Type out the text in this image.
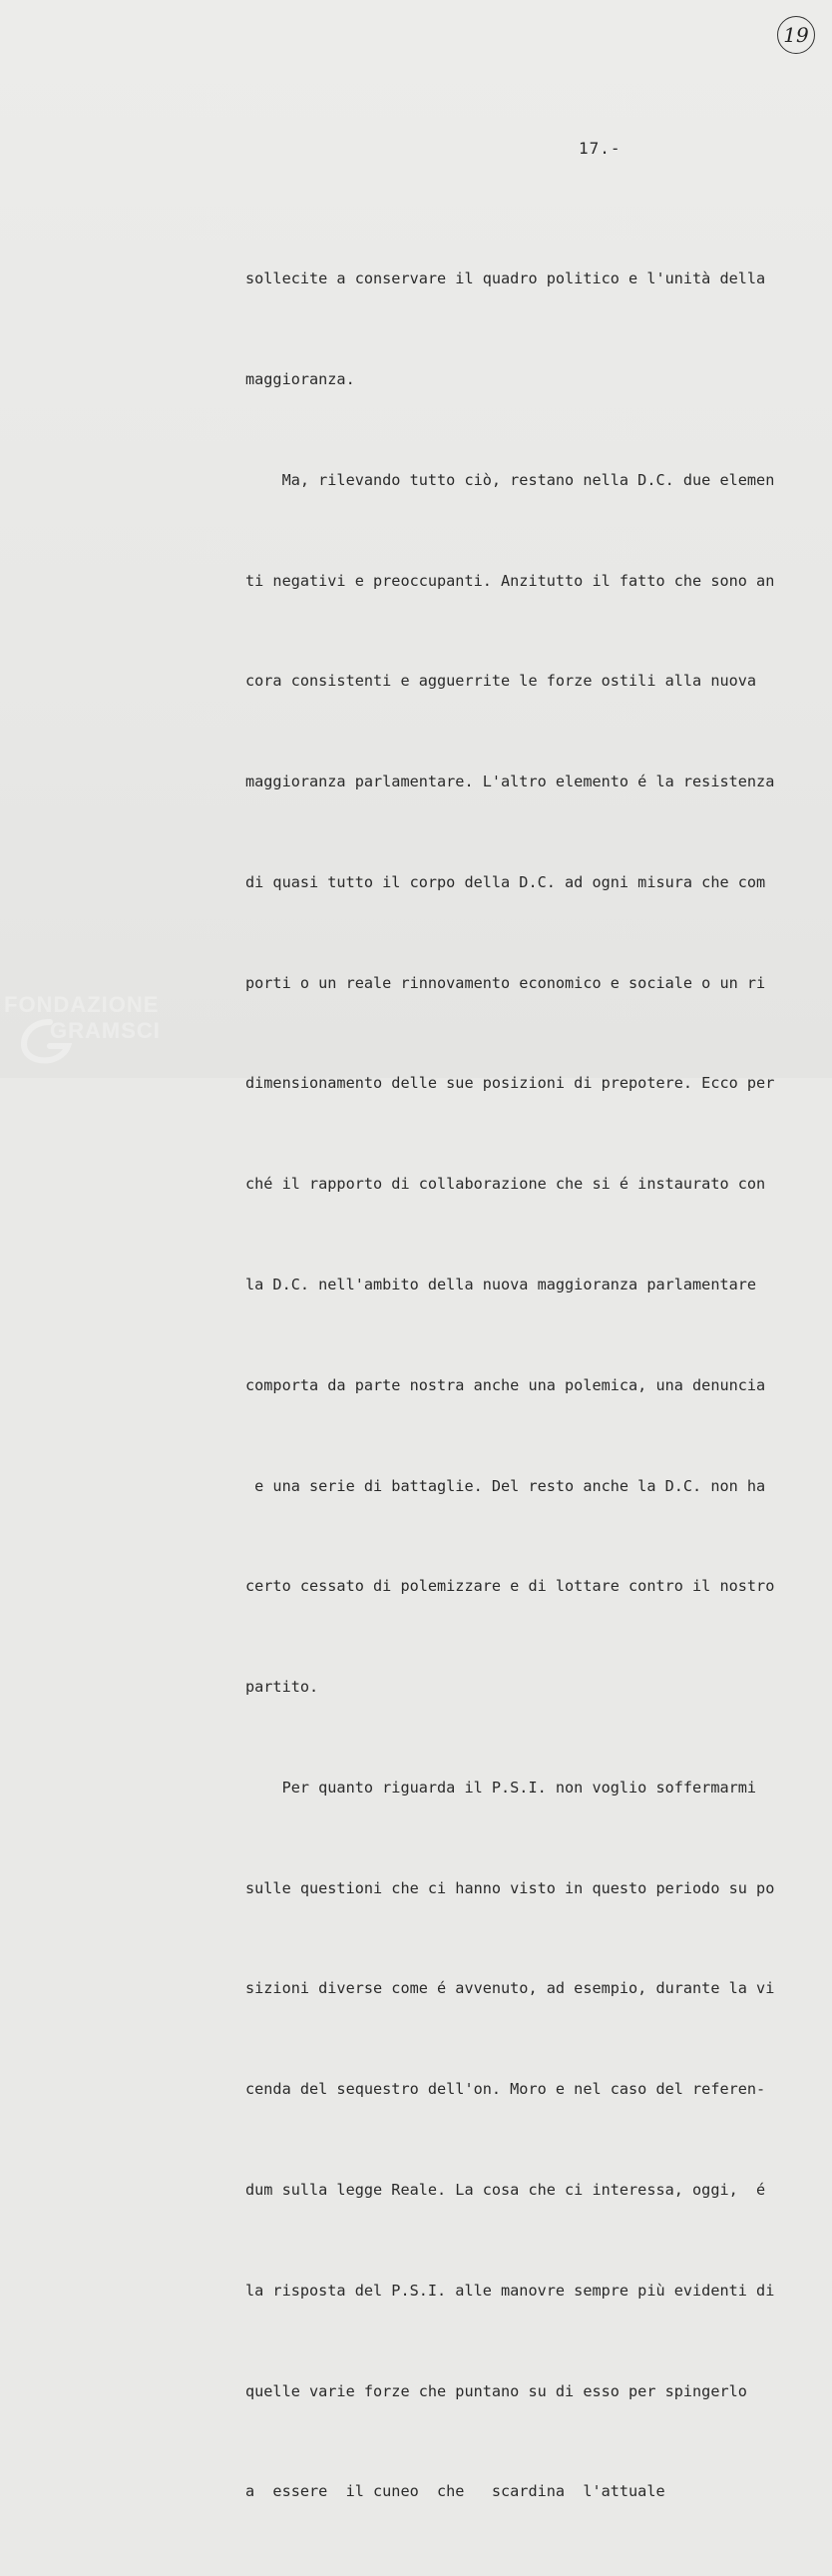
19
17.-

sollecite a conservare il quadro politico e l'unità della

maggioranza.

Ma, rilevando tutto ciò, restano nella D.C. due elemen

ti negativi e preoccupanti. Anzitutto il fatto che sono an

cora consistenti e agguerrite le forze ostili alla nuova

maggioranza parlamentare. L'altro elemento é la resistenza

di quasi tutto il corpo della D.C. ad ogni misura che com

porti o un reale rinnovamento economico e sociale o un ri

dimensionamento delle sue posizioni di prepotere. Ecco per

ché il rapporto di collaborazione che si é instaurato con

la D.C. nell'ambito della nuova maggioranza parlamentare

comporta da parte nostra anche una polemica, una denuncia

e una serie di battaglie. Del resto anche la D.C. non ha

certo cessato di polemizzare e di lottare contro il nostro

partito.

Per quanto riguarda il P.S.I. non voglio soffermarmi

sulle questioni che ci hanno visto in questo periodo su po

sizioni diverse come é avvenuto, ad esempio, durante la vi

cenda del sequestro dell'on. Moro e nel caso del referen-

dum sulla legge Reale. La cosa che ci interessa, oggi,  é

la risposta del P.S.I. alle manovre sempre più evidenti di

quelle varie forze che puntano su di esso per spingerlo

a  essere  il cuneo  che   scardina  l'attuale

FONDAZIONE
GRAMSCI
